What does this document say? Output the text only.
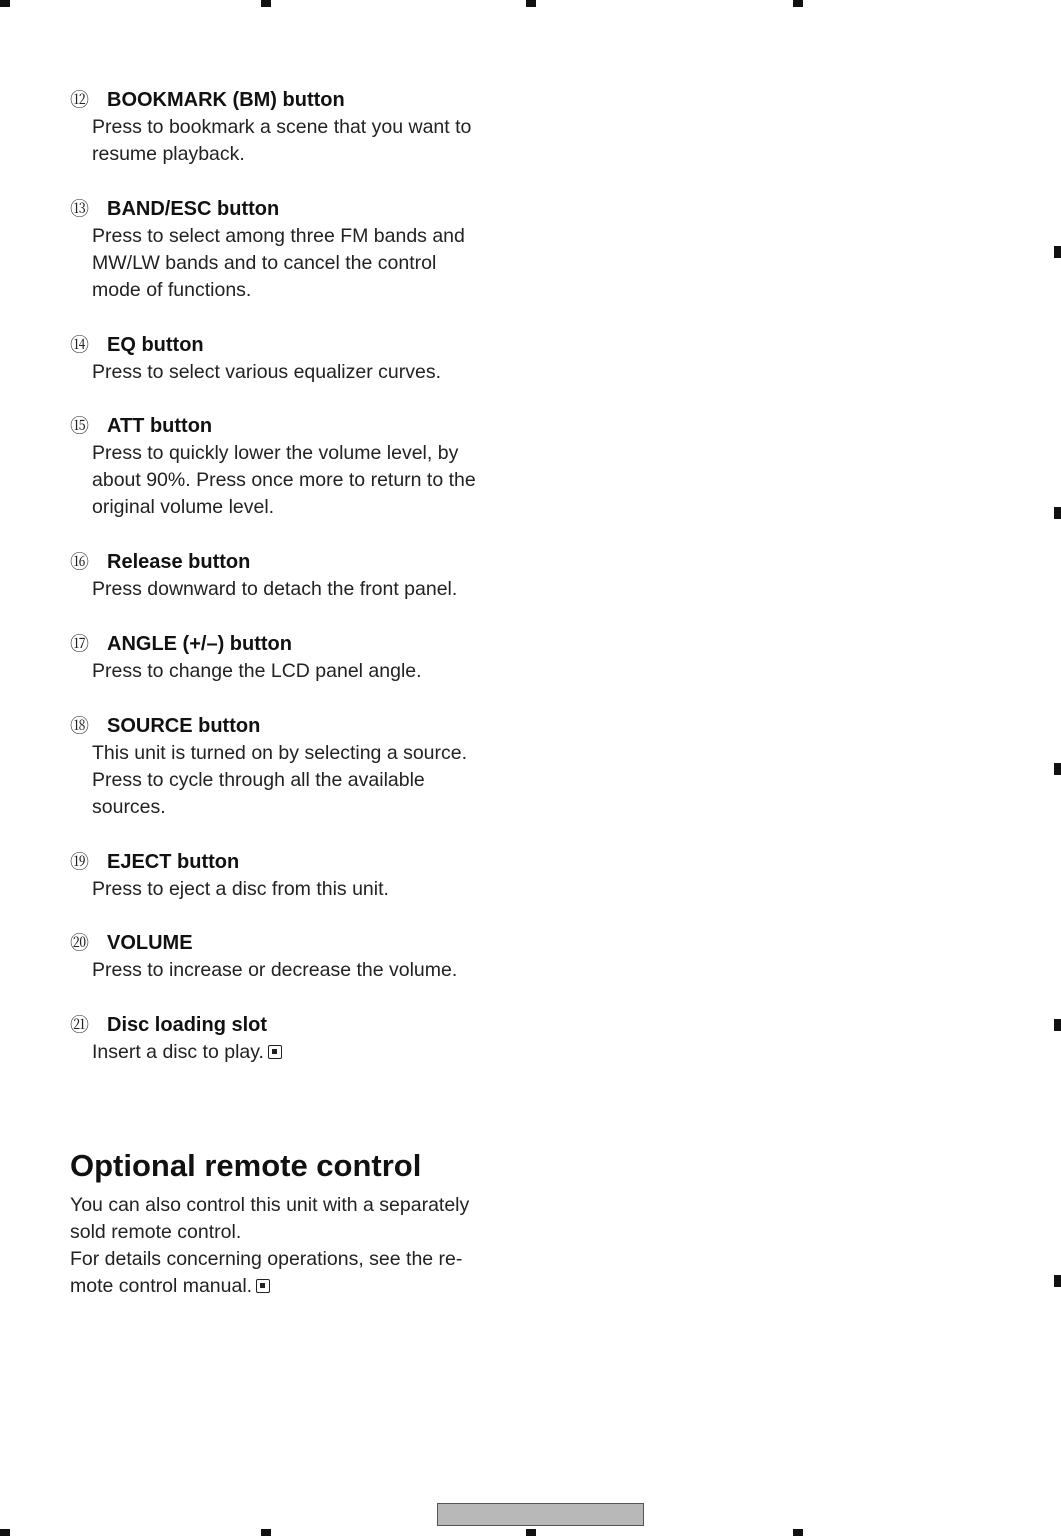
⑫ BOOKMARK (BM) button
Press to bookmark a scene that you want to
resume playback.
⑬ BAND/ESC button
Press to select among three FM bands and
MW/LW bands and to cancel the control
mode of functions.
⑭ EQ button
Press to select various equalizer curves.
⑮ ATT button
Press to quickly lower the volume level, by
about 90%. Press once more to return to the
original volume level.
⑯ Release button
Press downward to detach the front panel.
⑰ ANGLE (+/–) button
Press to change the LCD panel angle.
⑱ SOURCE button
This unit is turned on by selecting a source.
Press to cycle through all the available
sources.
⑲ EJECT button
Press to eject a disc from this unit.
⑳ VOLUME
Press to increase or decrease the volume.
㉑ Disc loading slot
Insert a disc to play.
Optional remote control
You can also control this unit with a separately
sold remote control.
For details concerning operations, see the re-
mote control manual.
